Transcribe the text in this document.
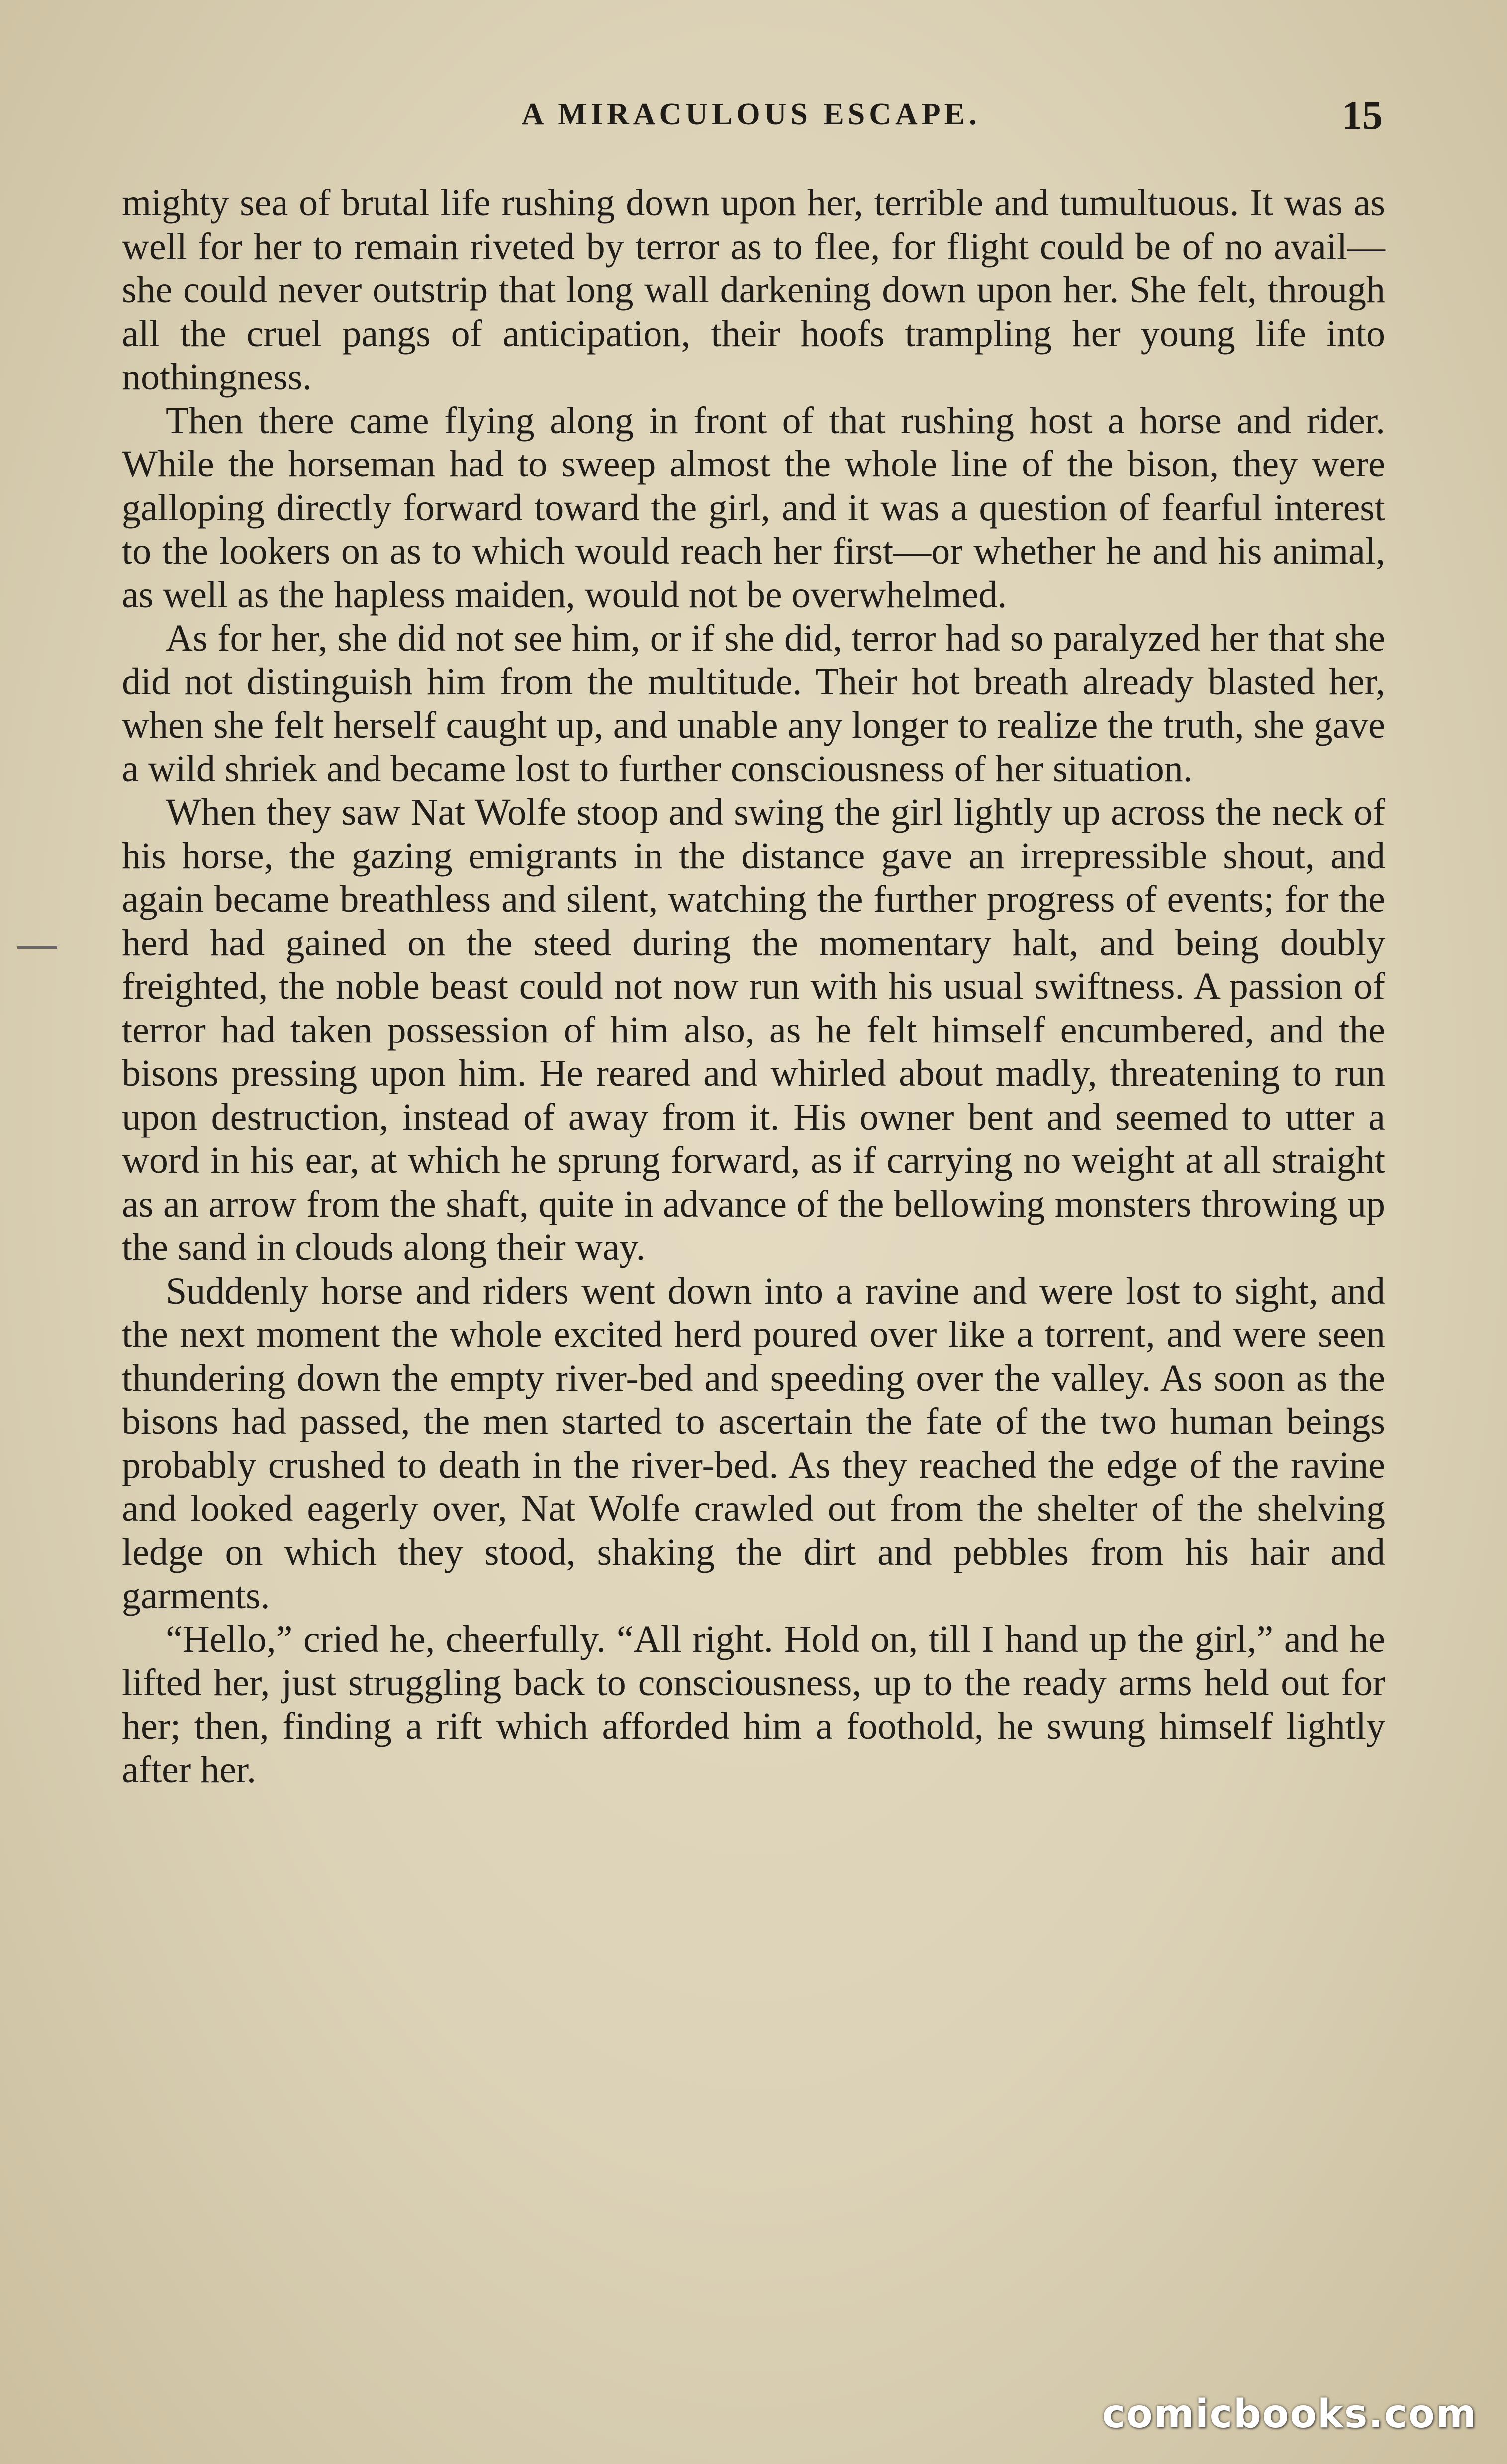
A MIRACULOUS ESCAPE.	15

mighty sea of brutal life rushing down upon her, terrible and tumultuous. It was as well for her to remain riveted by terror as to flee, for flight could be of no avail—she could never outstrip that long wall darkening down upon her. She felt, through all the cruel pangs of anticipation, their hoofs trampling her young life into nothingness.

Then there came flying along in front of that rushing host a horse and rider. While the horseman had to sweep almost the whole line of the bison, they were galloping directly forward toward the girl, and it was a question of fearful interest to the lookers on as to which would reach her first—or whether he and his animal, as well as the hapless maiden, would not be overwhelmed.

As for her, she did not see him, or if she did, terror had so paralyzed her that she did not distinguish him from the multitude. Their hot breath already blasted her, when she felt herself caught up, and unable any longer to realize the truth, she gave a wild shriek and became lost to further consciousness of her situation.

When they saw Nat Wolfe stoop and swing the girl lightly up across the neck of his horse, the gazing emigrants in the distance gave an irrepressible shout, and again became breathless and silent, watching the further progress of events; for the herd had gained on the steed during the momentary halt, and being doubly freighted, the noble beast could not now run with his usual swiftness. A passion of terror had taken possession of him also, as he felt himself encumbered, and the bisons pressing upon him. He reared and whirled about madly, threatening to run upon destruction, instead of away from it. His owner bent and seemed to utter a word in his ear, at which he sprung forward, as if carrying no weight at all straight as an arrow from the shaft, quite in advance of the bellowing monsters throwing up the sand in clouds along their way.

Suddenly horse and riders went down into a ravine and were lost to sight, and the next moment the whole excited herd poured over like a torrent, and were seen thundering down the empty river-bed and speeding over the valley. As soon as the bisons had passed, the men started to ascertain the fate of the two human beings probably crushed to death in the river-bed. As they reached the edge of the ravine and looked eagerly over, Nat Wolfe crawled out from the shelter of the shelving ledge on which they stood, shaking the dirt and pebbles from his hair and garments.

“Hello,” cried he, cheerfully. “All right. Hold on, till I hand up the girl,” and he lifted her, just struggling back to consciousness, up to the ready arms held out for her; then, finding a rift which afforded him a foothold, he swung himself lightly after her.

comicbooks.com
